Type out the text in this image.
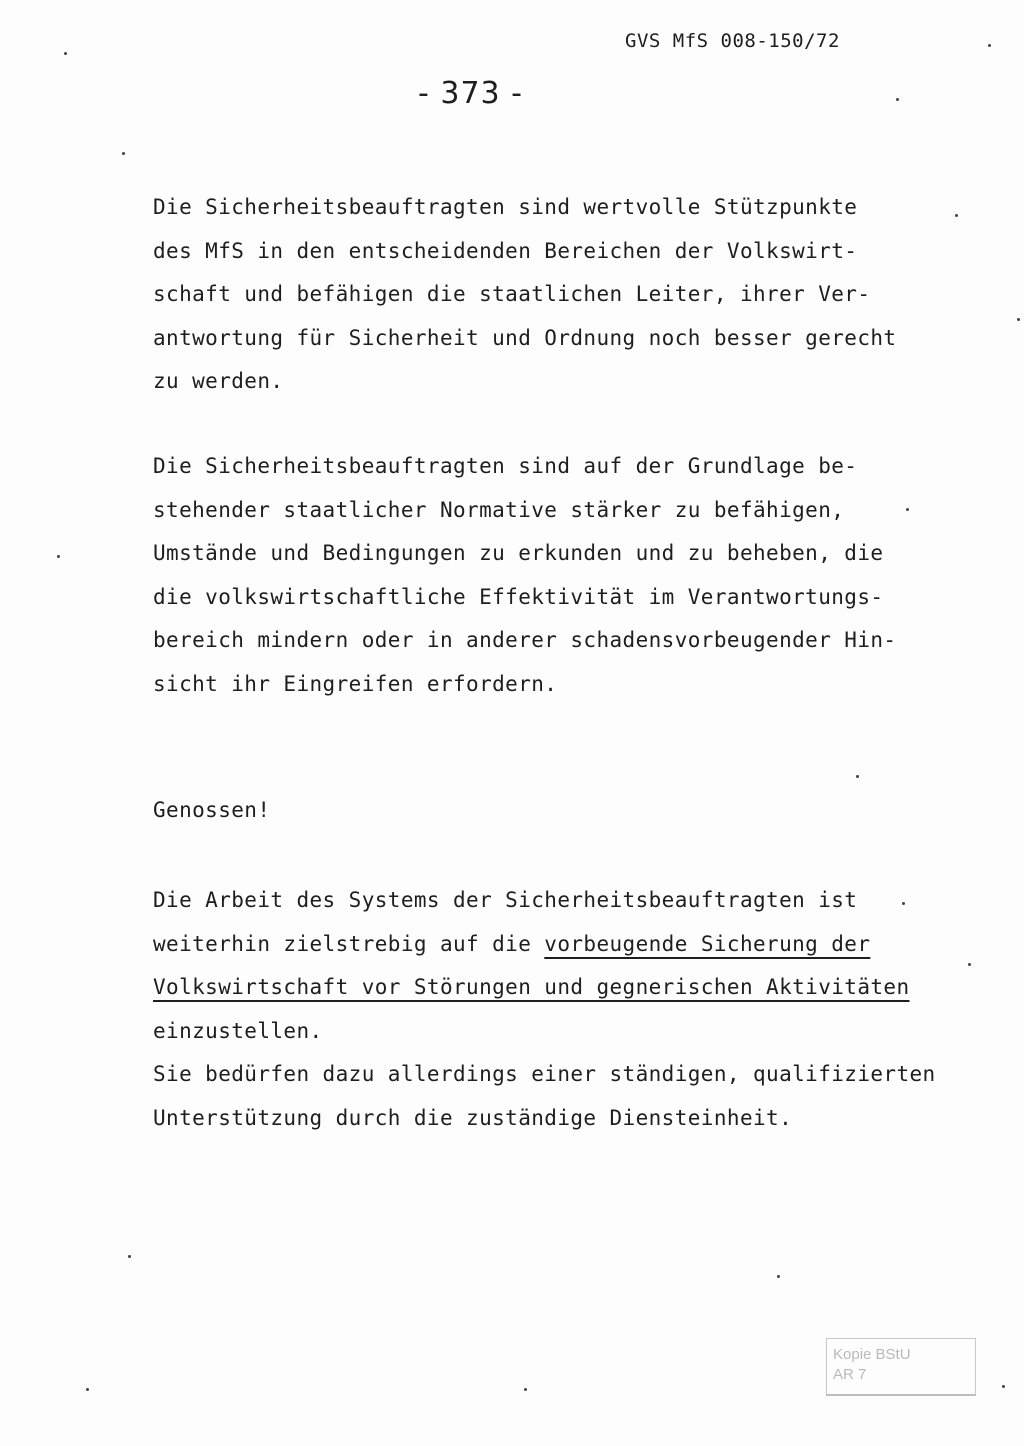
GVS MfS 008-150/72
- 373 -
Die Sicherheitsbeauftragten sind wertvolle Stützpunkte
des MfS in den entscheidenden Bereichen der Volkswirt-
schaft und befähigen die staatlichen Leiter, ihrer Ver-
antwortung für Sicherheit und Ordnung noch besser gerecht
zu werden.
Die Sicherheitsbeauftragten sind auf der Grundlage be-
stehender staatlicher Normative stärker zu befähigen,
Umstände und Bedingungen zu erkunden und zu beheben, die
die volkswirtschaftliche Effektivität im Verantwortungs-
bereich mindern oder in anderer schadensvorbeugender Hin-
sicht ihr Eingreifen erfordern.
Genossen!
Die Arbeit des Systems der Sicherheitsbeauftragten ist
weiterhin zielstrebig auf die vorbeugende Sicherung der
Volkswirtschaft vor Störungen und gegnerischen Aktivitäten
einzustellen.
Sie bedürfen dazu allerdings einer ständigen, qualifizierten
Unterstützung durch die zuständige Diensteinheit.
Kopie BStU
AR 7
